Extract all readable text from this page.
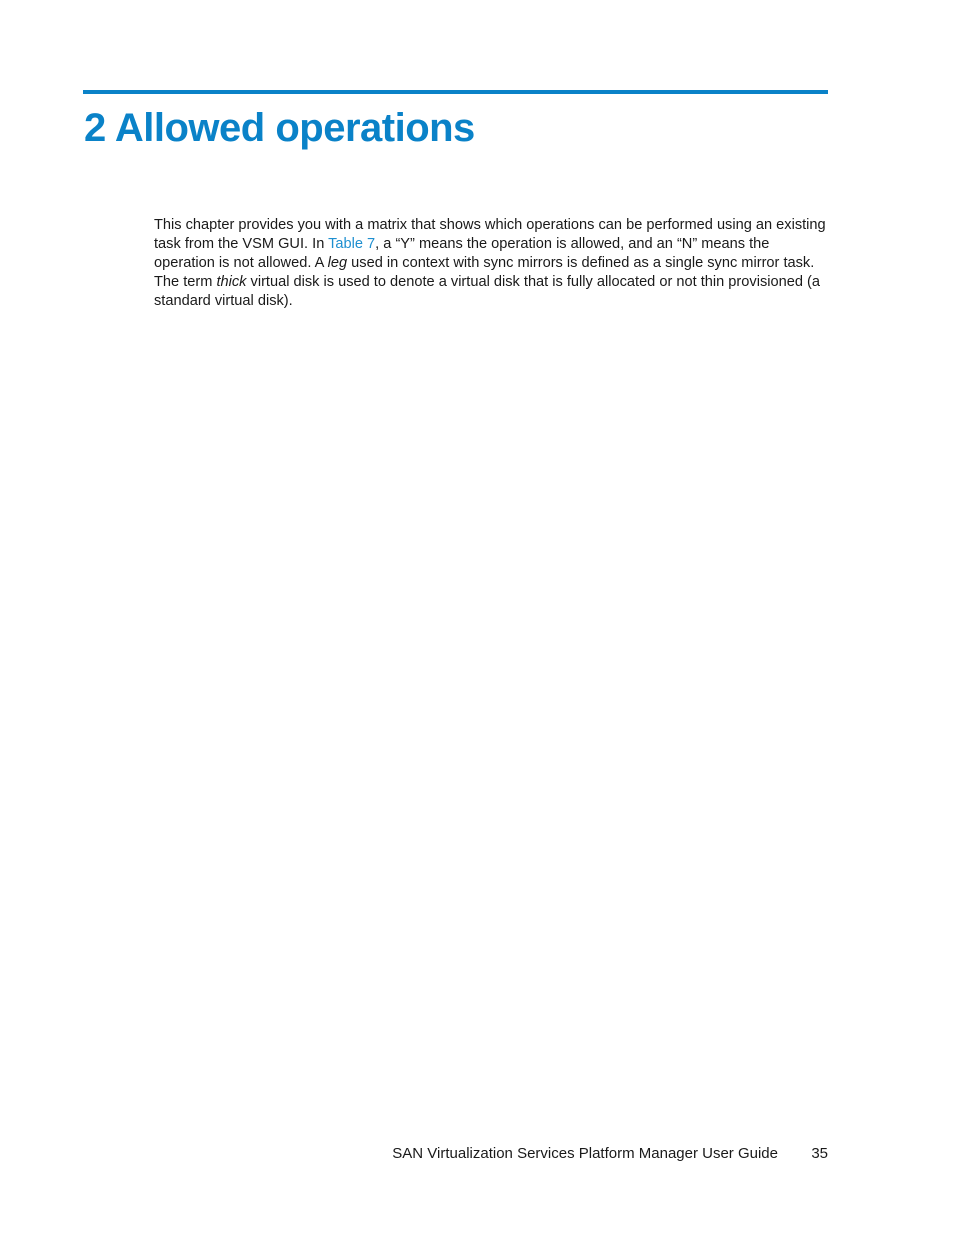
2 Allowed operations

This chapter provides you with a matrix that shows which operations can be performed using an existing task from the VSM GUI. In Table 7, a “Y” means the operation is allowed, and an “N” means the operation is not allowed. A leg used in context with sync mirrors is defined as a single sync mirror task. The term thick virtual disk is used to denote a virtual disk that is fully allocated or not thin provisioned (a standard virtual disk).

SAN Virtualization Services Platform Manager User Guide 35
